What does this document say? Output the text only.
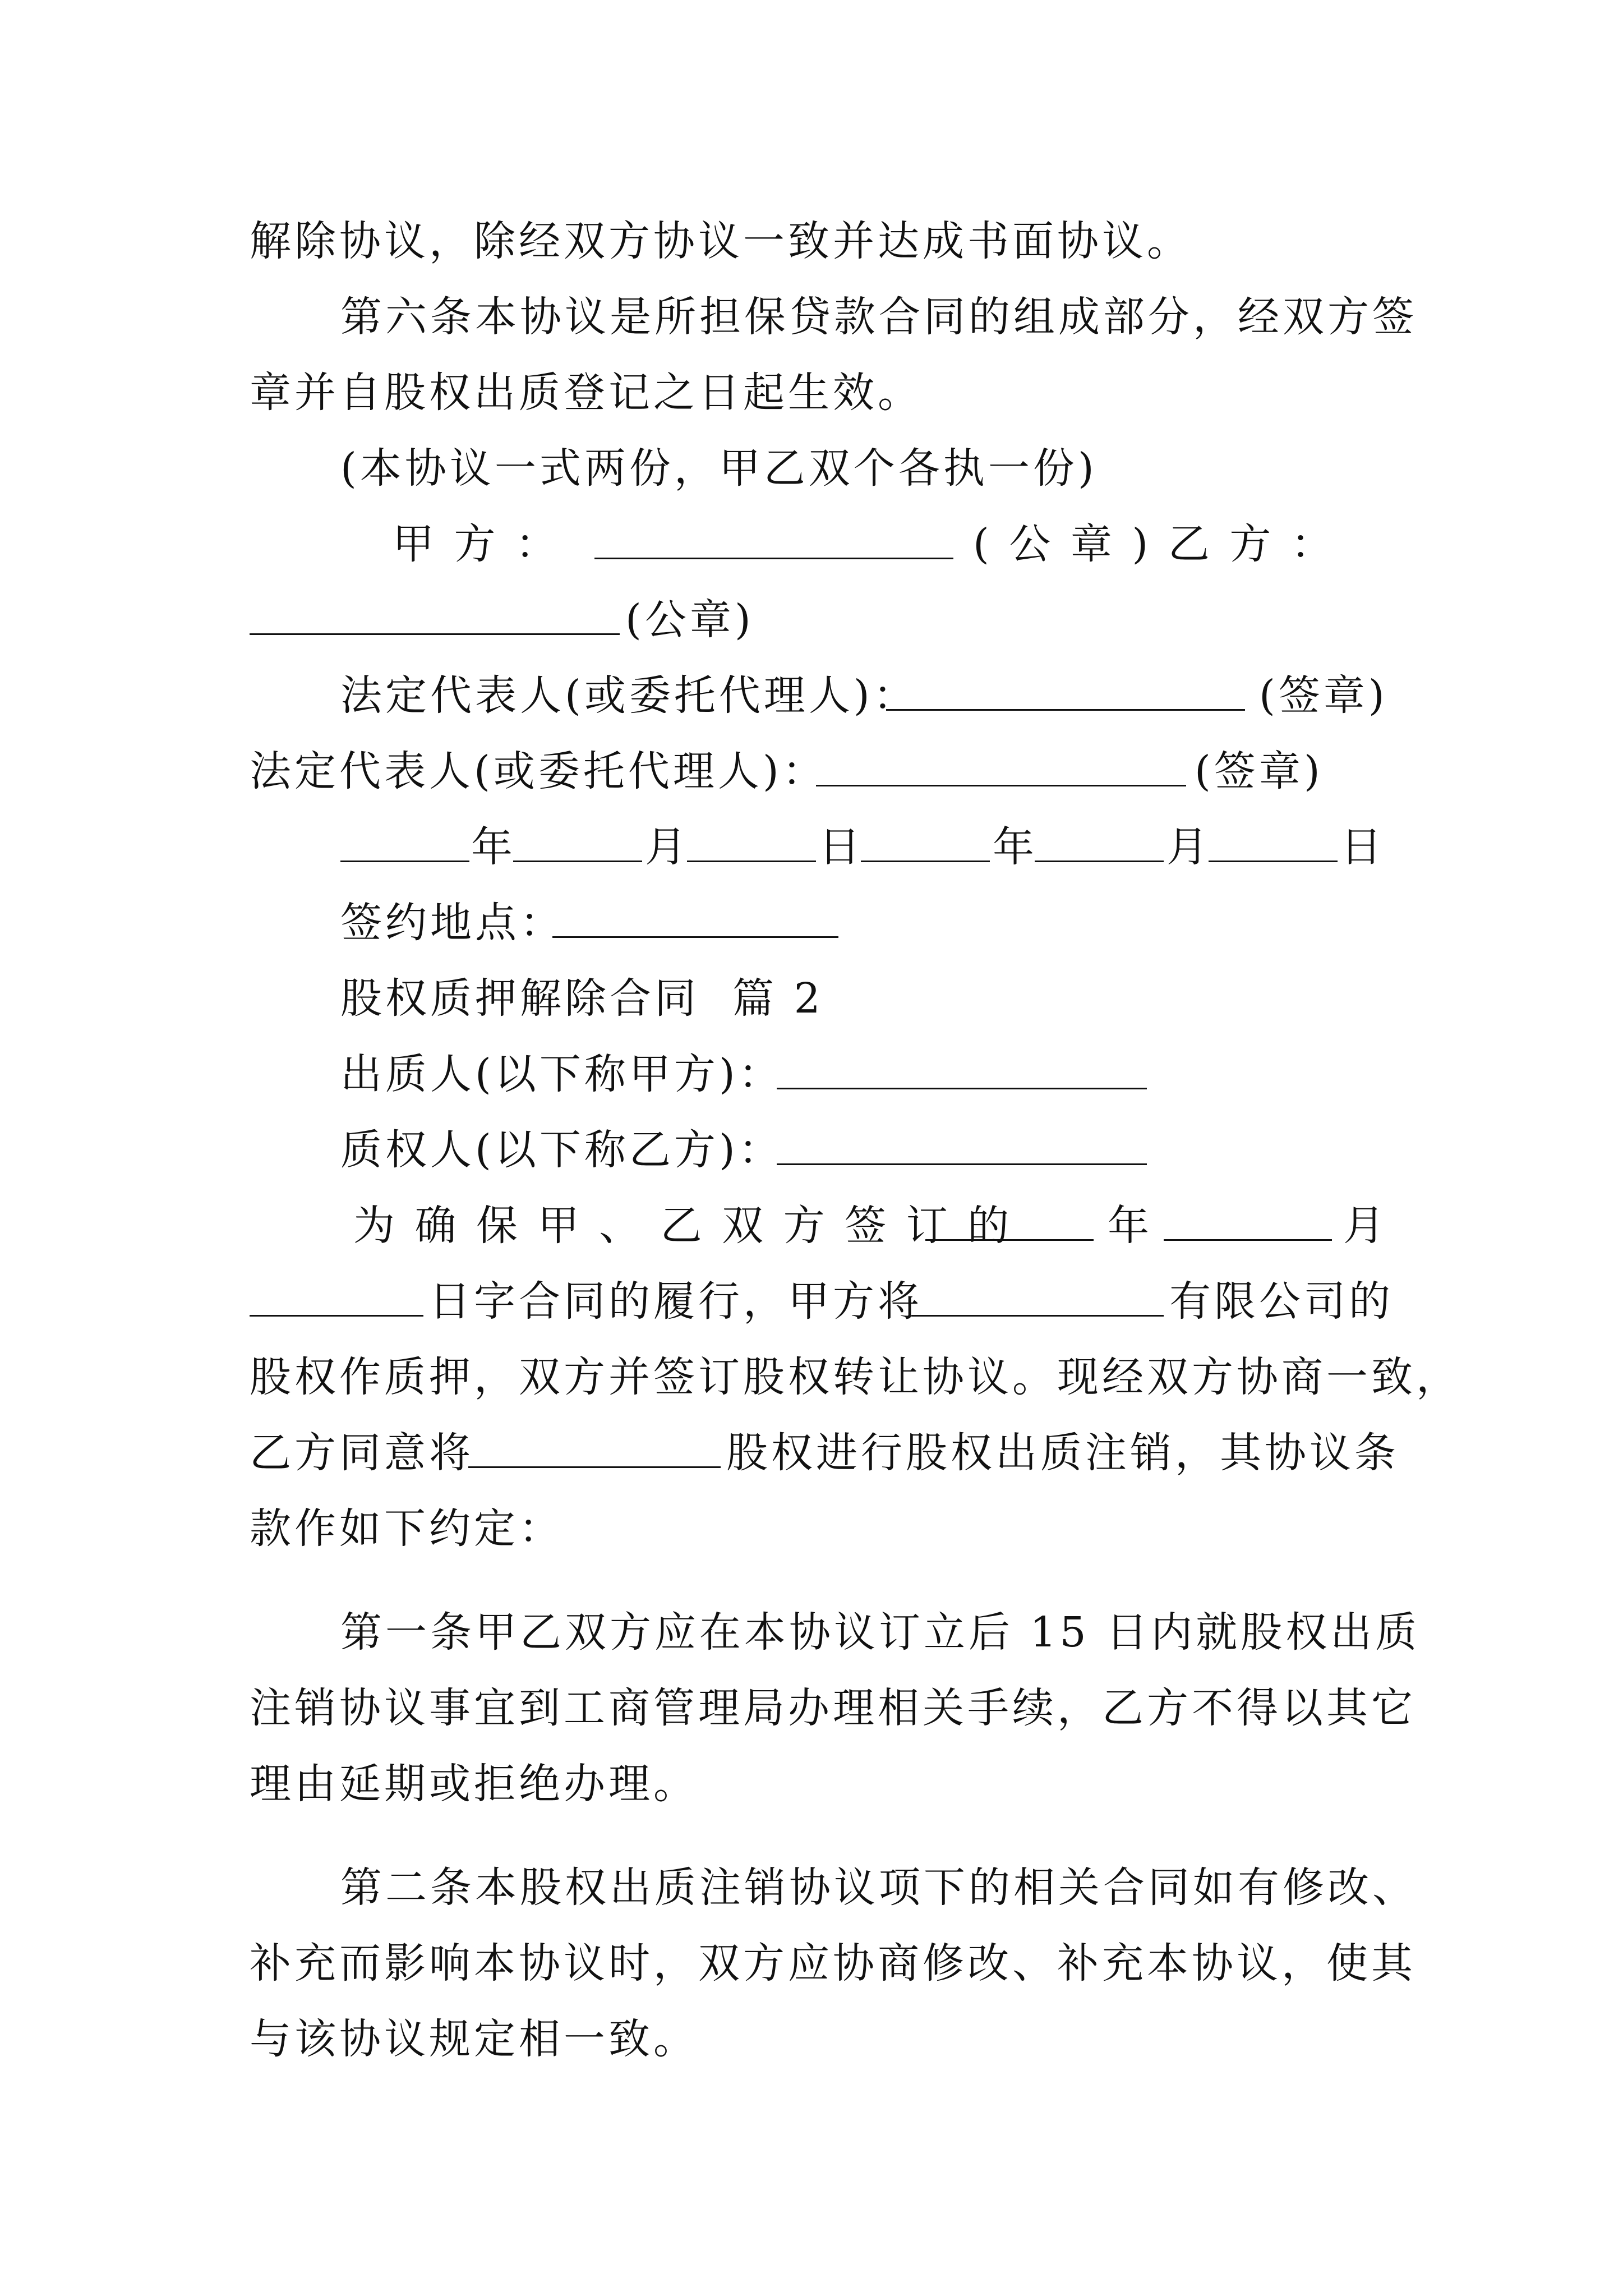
解除协议，除经双方协议一致并达成书面协议。
第六条本协议是所担保贷款合同的组成部分，经双方签
章并自股权出质登记之日起生效。
(本协议一式两份，甲乙双个各执一份)
甲 方 ：	( 公 章 ) 乙 方 ：
(公章)
法定代表人(或委托代理人)：	(签章)
法定代表人(或委托代理人)：	(签章)
年	月	日	年	月	日
签约地点：
股权质押解除合同  篇 2
出质人(以下称甲方)：
质权人(以下称乙方)：
为 确 保 甲 、 乙 双 方 签 订 的 年	月
日字合同的履行，甲方将	有限公司的
股权作质押，双方并签订股权转让协议。现经双方协商一致，
乙方同意将	股权进行股权出质注销，其协议条
款作如下约定：
第一条甲乙双方应在本协议订立后 15 日内就股权出质
注销协议事宜到工商管理局办理相关手续，乙方不得以其它
理由延期或拒绝办理。
第二条本股权出质注销协议项下的相关合同如有修改、
补充而影响本协议时，双方应协商修改、补充本协议，使其
与该协议规定相一致。
